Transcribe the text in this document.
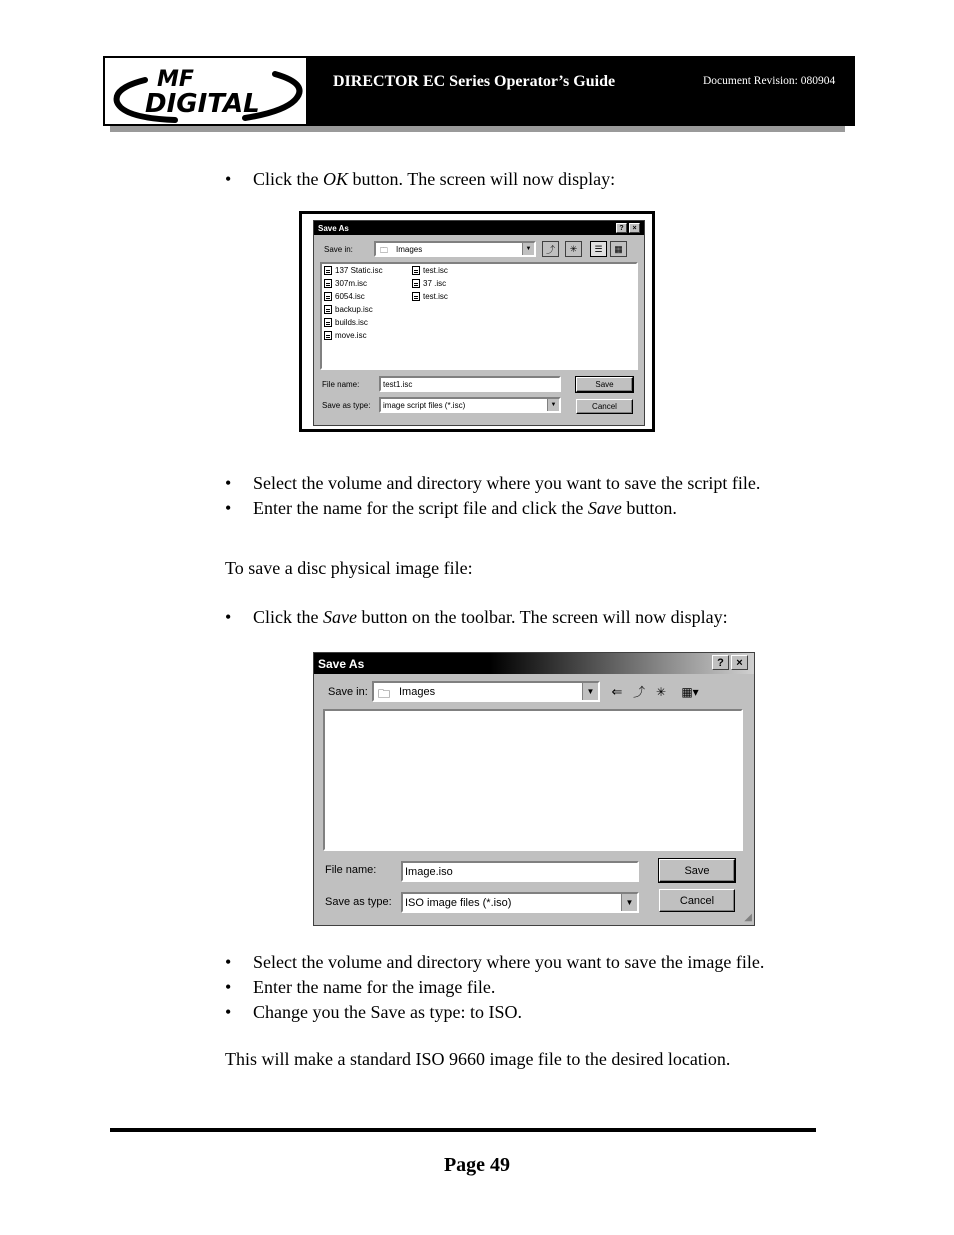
MF
DIGITAL
DIRECTOR EC Series Operator’s Guide	Document Revision: 080904
• Click the OK button. The screen will now display:
Save As	?	×
Save in:	🗀 Images	▼	⤴	✳	☰	▦
137 Static.isc
307m.isc
6054.isc
backup.isc
builds.isc
move.isc
test.isc
37 .isc
test.isc
File name:	test1.isc
Save as type: image script files (*.isc)	▼
Save
Cancel
• Select the volume and directory where you want to save the script file.
• Enter the name for the script file and click the Save button.
To save a disc physical image file:
• Click the Save button on the toolbar. The screen will now display:
Save As	?	×
Save in: 🗀 Images	▼ ⇐ ⤴ ✳	▦▾
File name:	Image.iso
Save as type: ISO image files (*.iso)	▼
Save
Cancel
◢
• Select the volume and directory where you want to save the image file.
• Enter the name for the image file.
• Change you the Save as type: to ISO.
This will make a standard ISO 9660 image file to the desired location.
Page 49
